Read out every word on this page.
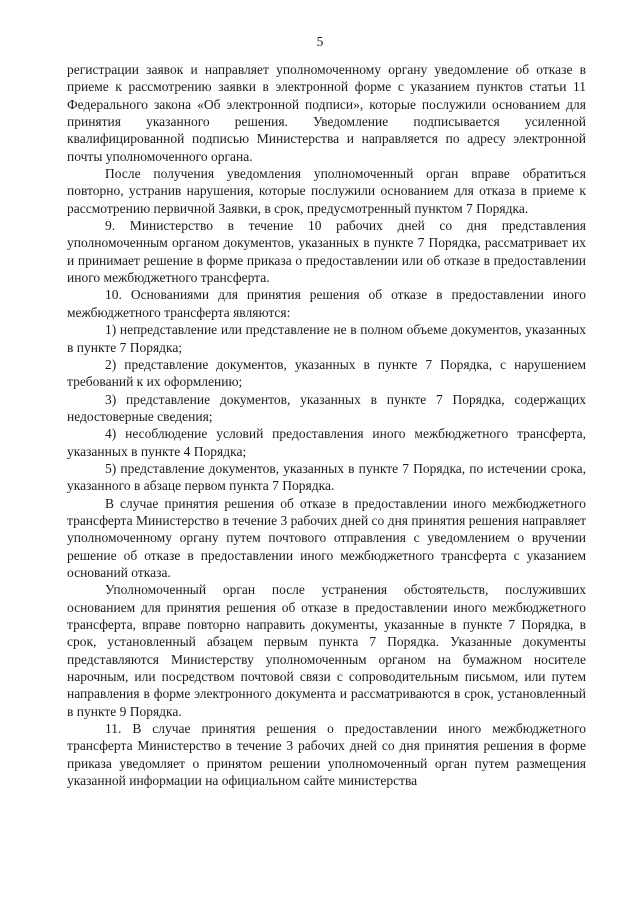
5

регистрации заявок и направляет уполномоченному органу уведомление об отказе в приеме к рассмотрению заявки в электронной форме с указанием пунктов статьи 11 Федерального закона «Об электронной подписи», которые послужили основанием для принятия указанного решения. Уведомление подписывается усиленной квалифицированной подписью Министерства и направляется по адресу электронной почты уполномоченного органа.

После получения уведомления уполномоченный орган вправе обратиться повторно, устранив нарушения, которые послужили основанием для отказа в приеме к рассмотрению первичной Заявки, в срок, предусмотренный пунктом 7 Порядка.

9. Министерство в течение 10 рабочих дней со дня представления уполномоченным органом документов, указанных в пункте 7 Порядка, рассматривает их и принимает решение в форме приказа о предоставлении или об отказе в предоставлении иного межбюджетного трансферта.

10. Основаниями для принятия решения об отказе в предоставлении иного межбюджетного трансферта являются:

1) непредставление или представление не в полном объеме документов, указанных в пункте 7 Порядка;

2) представление документов, указанных в пункте 7 Порядка, с нарушением требований к их оформлению;

3) представление документов, указанных в пункте 7 Порядка, содержащих недостоверные сведения;

4) несоблюдение условий предоставления иного межбюджетного трансферта, указанных в пункте 4 Порядка;

5) представление документов, указанных в пункте 7 Порядка, по истечении срока, указанного в абзаце первом пункта 7 Порядка.

В случае принятия решения об отказе в предоставлении иного межбюджетного трансферта Министерство в течение 3 рабочих дней со дня принятия решения направляет уполномоченному органу путем почтового отправления с уведомлением о вручении решение об отказе в предоставлении иного межбюджетного трансферта с указанием оснований отказа.

Уполномоченный орган после устранения обстоятельств, послуживших основанием для принятия решения об отказе в предоставлении иного межбюджетного трансферта, вправе повторно направить документы, указанные в пункте 7 Порядка, в срок, установленный абзацем первым пункта 7 Порядка. Указанные документы представляются Министерству уполномоченным органом на бумажном носителе нарочным, или посредством почтовой связи с сопроводительным письмом, или путем направления в форме электронного документа и рассматриваются в срок, установленный в пункте 9 Порядка.

11. В случае принятия решения о предоставлении иного межбюджетного трансферта Министерство в течение 3 рабочих дней со дня принятия решения в форме приказа уведомляет о принятом решении уполномоченный орган путем размещения указанной информации на официальном сайте министерства
